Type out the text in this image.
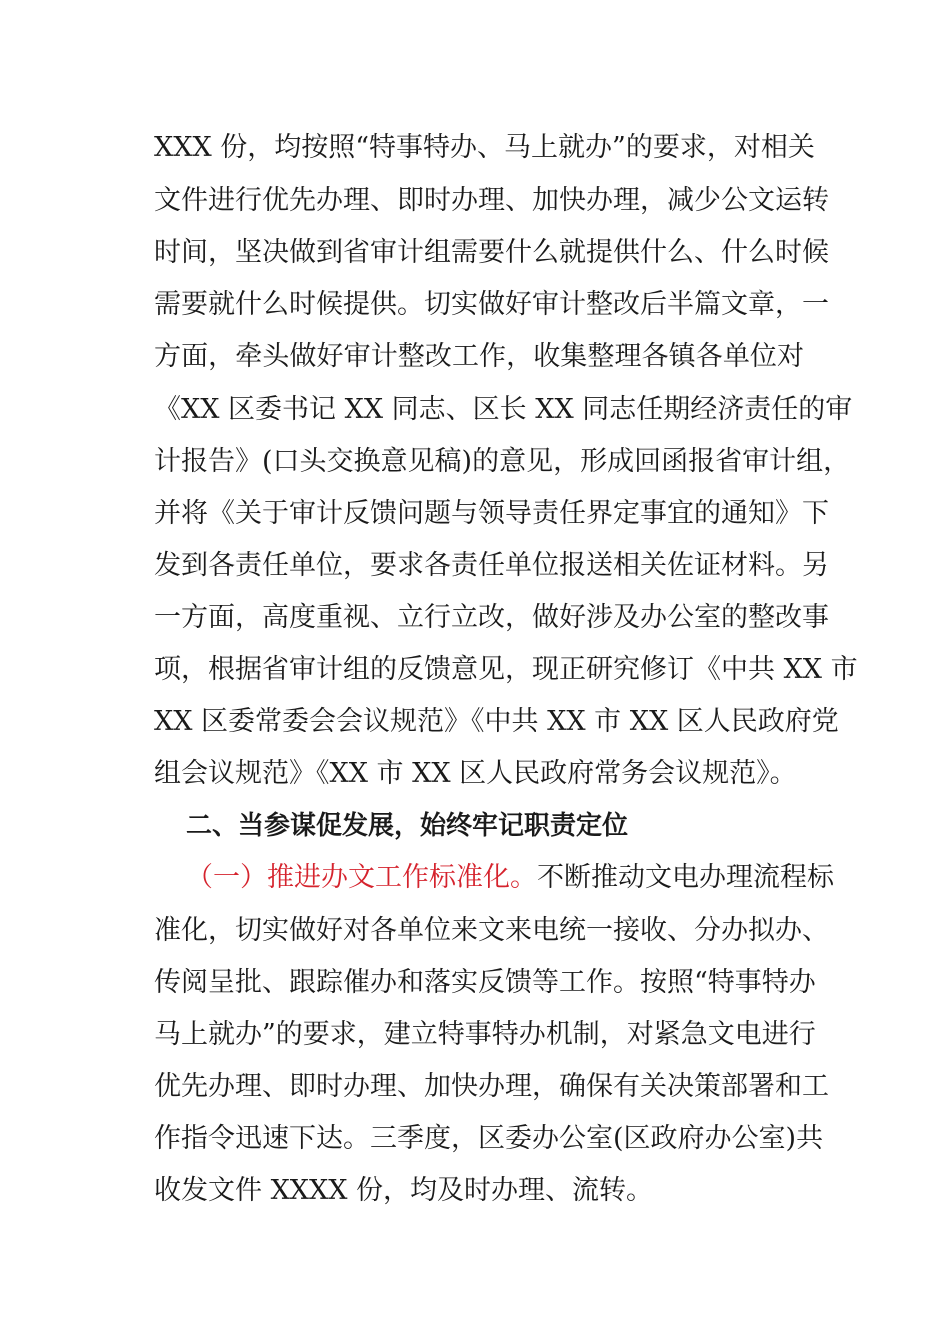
XXX 份，均按照“特事特办、马上就办”的要求，对相关
文件进行优先办理、即时办理、加快办理，减少公文运转
时间，坚决做到省审计组需要什么就提供什么、什么时候
需要就什么时候提供。切实做好审计整改后半篇文章，一
方面，牵头做好审计整改工作，收集整理各镇各单位对
《XX 区委书记 XX 同志、区长 XX 同志任期经济责任的审
计报告》(口头交换意见稿)的意见，形成回函报省审计组，
并将《关于审计反馈问题与领导责任界定事宜的通知》下
发到各责任单位，要求各责任单位报送相关佐证材料。另
一方面，高度重视、立行立改，做好涉及办公室的整改事
项，根据省审计组的反馈意见，现正研究修订《中共 XX 市
XX 区委常委会会议规范》《中共 XX 市 XX 区人民政府党
组会议规范》《XX 市 XX 区人民政府常务会议规范》。
二、当参谋促发展，始终牢记职责定位
（一）推进办文工作标准化。不断推动文电办理流程标
准化，切实做好对各单位来文来电统一接收、分办拟办、
传阅呈批、跟踪催办和落实反馈等工作。按照“特事特办
马上就办”的要求，建立特事特办机制，对紧急文电进行
优先办理、即时办理、加快办理，确保有关决策部署和工
作指令迅速下达。三季度，区委办公室(区政府办公室)共
收发文件 XXXX 份，均及时办理、流转。
